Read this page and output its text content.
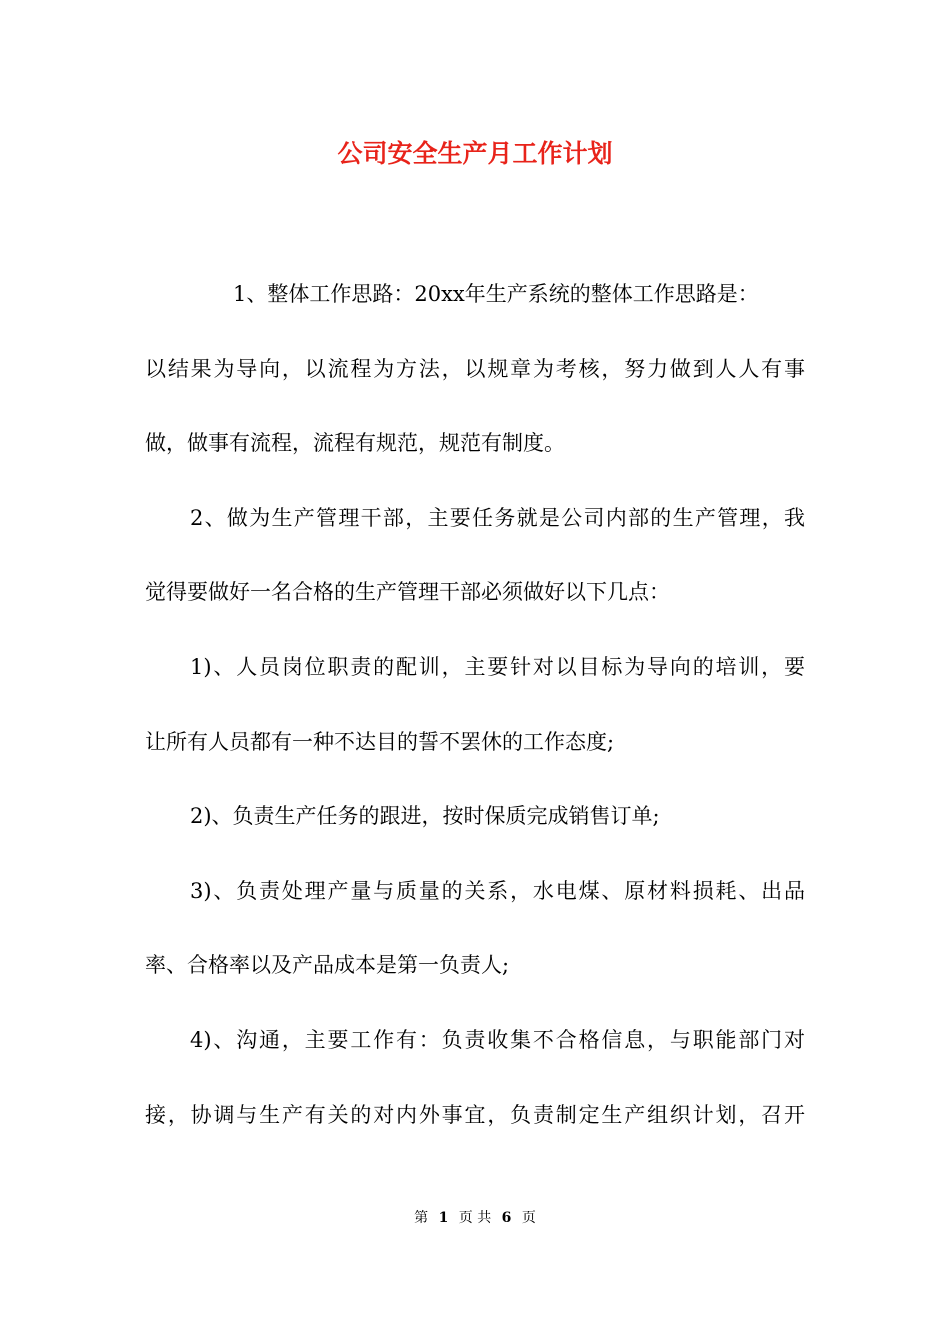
公司安全生产月工作计划
1、整体工作思路：20xx年生产系统的整体工作思路是：
以结果为导向，以流程为方法，以规章为考核，努力做到人人有事
做，做事有流程，流程有规范，规范有制度。
2、做为生产管理干部，主要任务就是公司内部的生产管理，我
觉得要做好一名合格的生产管理干部必须做好以下几点：
1)、人员岗位职责的配训，主要针对以目标为导向的培训，要
让所有人员都有一种不达目的誓不罢休的工作态度;
2)、负责生产任务的跟进，按时保质完成销售订单;
3)、负责处理产量与质量的关系，水电煤、原材料损耗、出品
率、合格率以及产品成本是第一负责人;
4)、沟通，主要工作有：负责收集不合格信息，与职能部门对
接，协调与生产有关的对内外事宜，负责制定生产组织计划，召开
第 1 页 共 6 页
